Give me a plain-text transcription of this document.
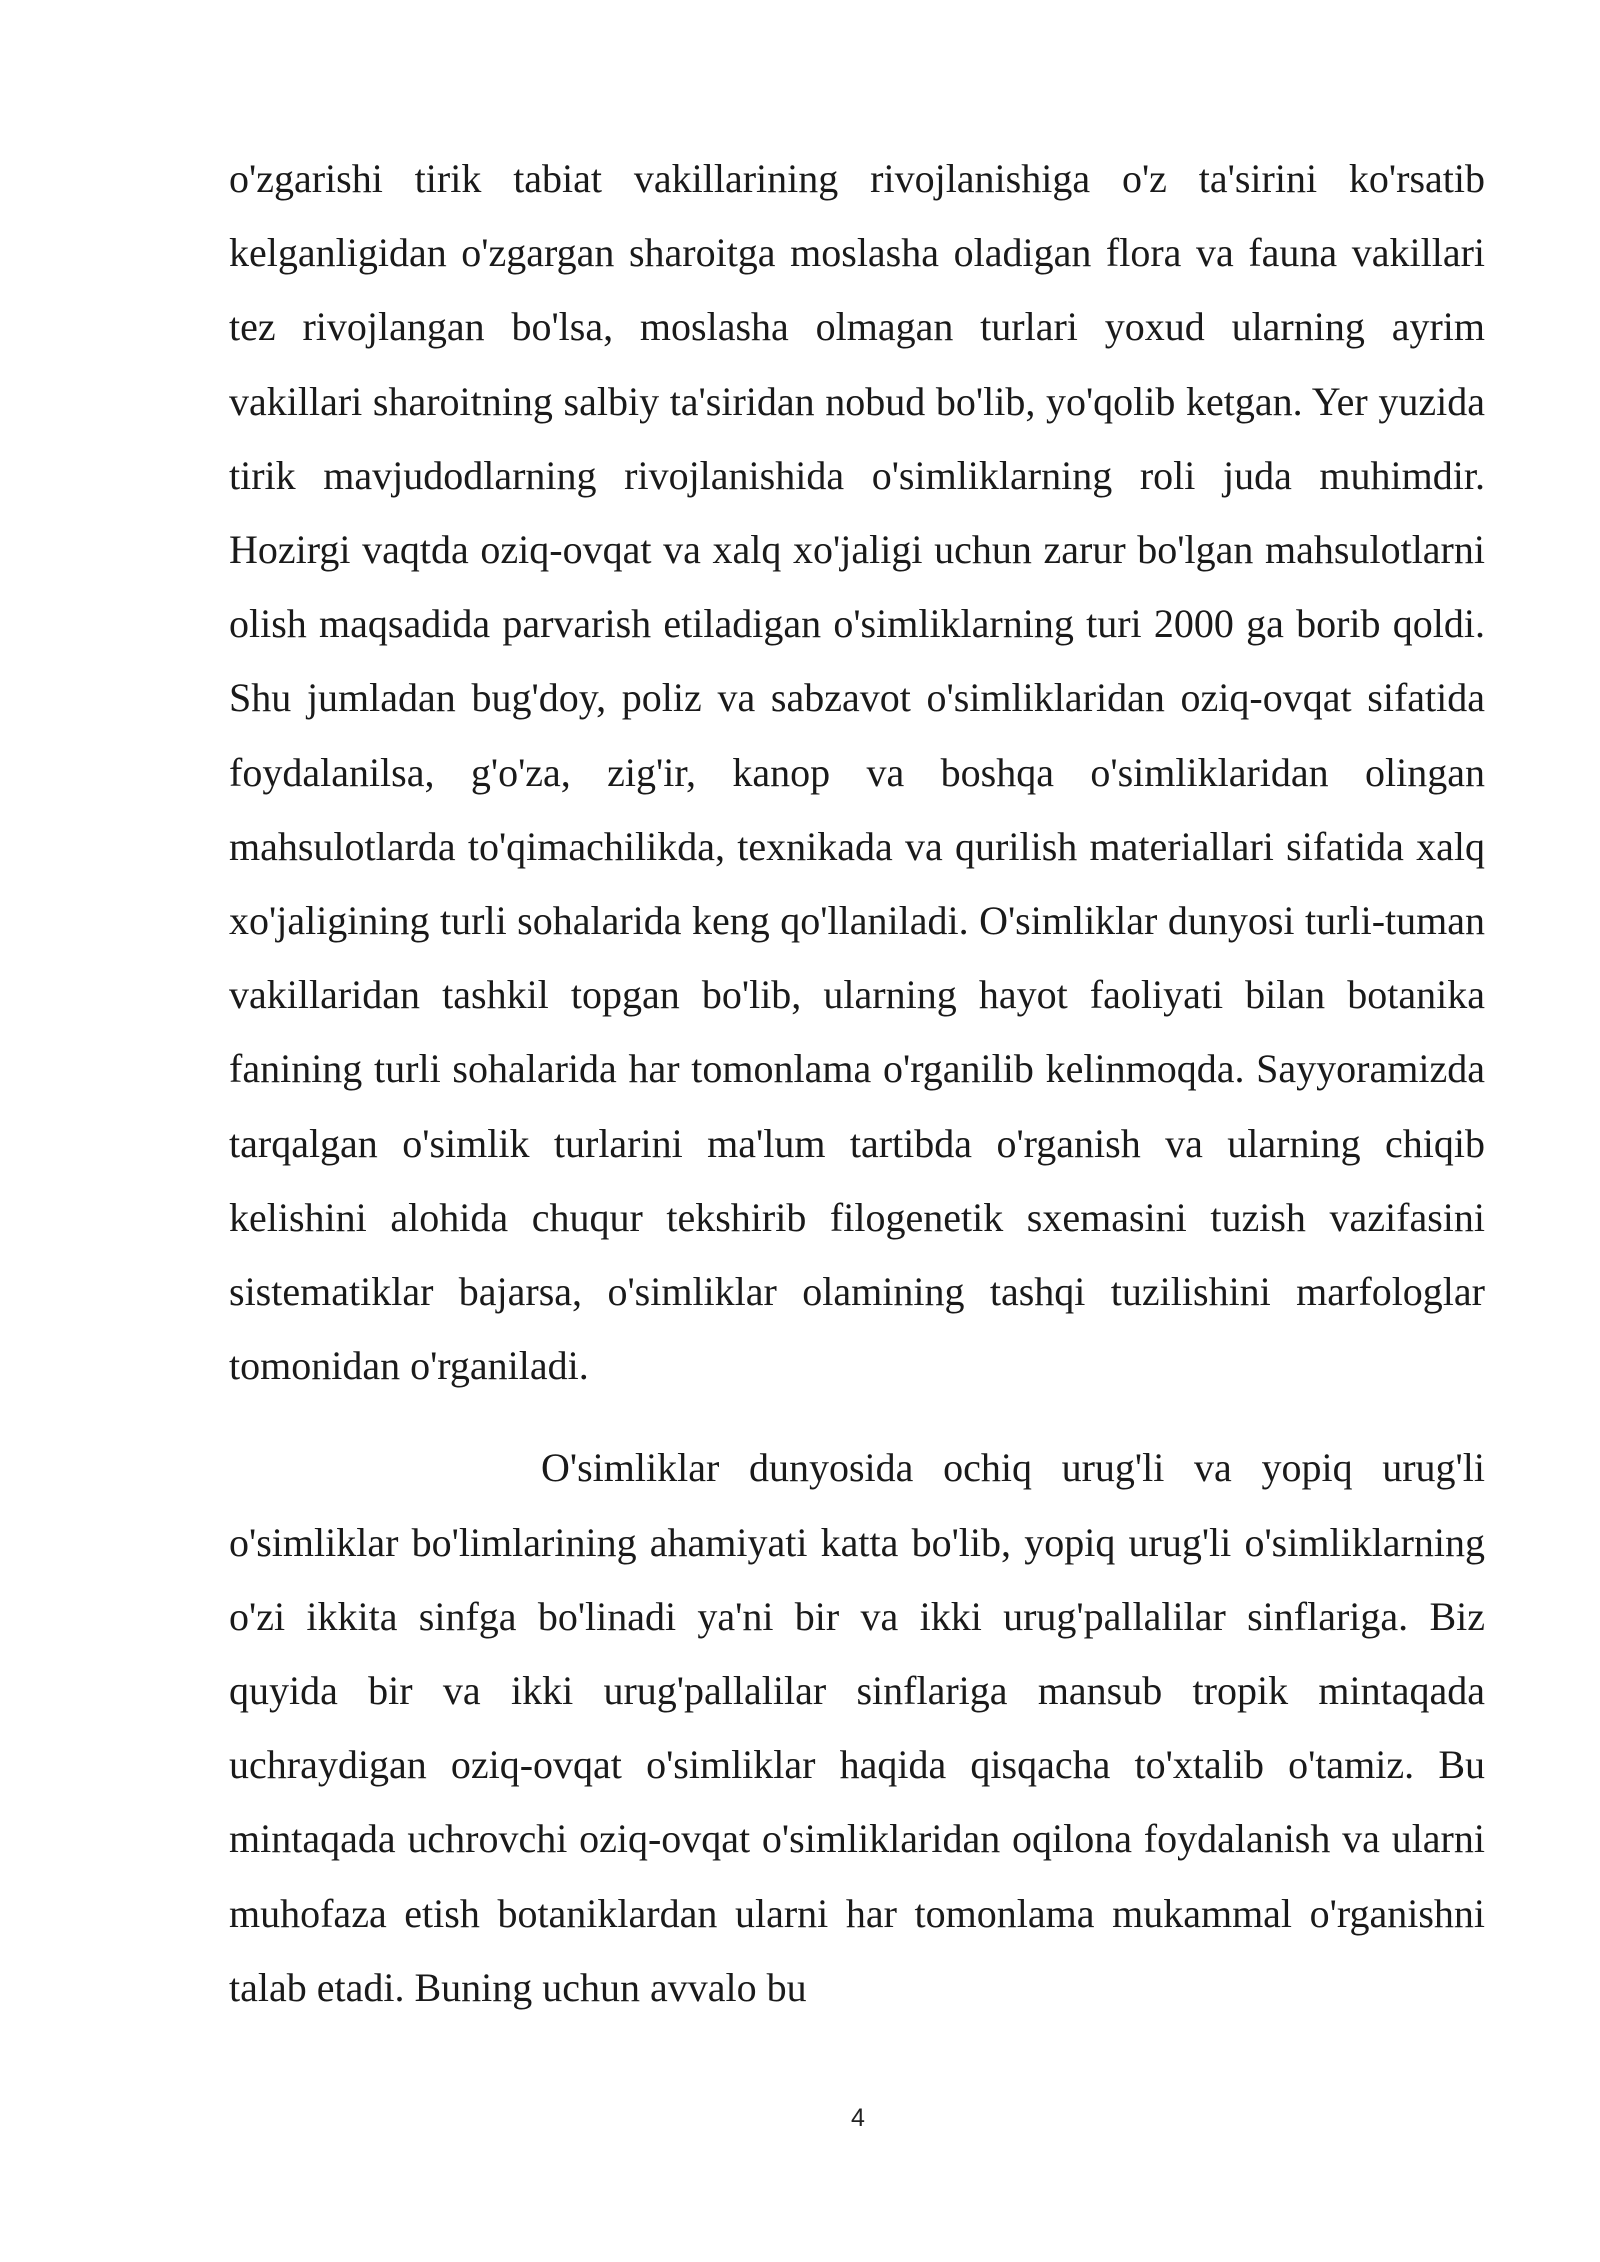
o'zgarishi tirik tabiat vakillarining rivojlanishiga o'z ta'sirini ko'rsatib kelganligidan o'zgargan sharoitga moslasha oladigan flora va fauna vakillari tez rivojlangan bo'lsa, moslasha olmagan turlari yoxud ularning ayrim vakillari sharoitning salbiy ta'siridan nobud bo'lib, yo'qolib ketgan. Yer yuzida tirik mavjudodlarning rivojlanishida o'simliklarning roli juda muhimdir. Hozirgi vaqtda oziq-ovqat va xalq xo'jaligi uchun zarur bo'lgan mahsulotlarni olish maqsadida parvarish etiladigan o'simliklarning turi 2000 ga borib qoldi. Shu jumladan bug'doy, poliz va sabzavot o'simliklaridan oziq-ovqat sifatida foydalanilsa, g'o'za, zig'ir, kanop va boshqa o'simliklaridan olingan mahsulotlarda to'qimachilikda, texnikada va qurilish materiallari sifatida xalq xo'jaligining turli sohalarida keng qo'llaniladi. O'simliklar dunyosi turli-tuman vakillaridan tashkil topgan bo'lib, ularning hayot faoliyati bilan botanika fanining turli sohalarida har tomonlama o'rganilib kelinmoqda. Sayyoramizda tarqalgan o'simlik turlarini ma'lum tartibda o'rganish va ularning chiqib kelishini alohida chuqur tekshirib filogenetik sxemasini tuzish vazifasini sistematiklar bajarsa, o'simliklar olamining tashqi tuzilishini marfologlar tomonidan o'rganiladi.

O'simliklar dunyosida ochiq urug'li va yopiq urug'li o'simliklar bo'limlarining ahamiyati katta bo'lib, yopiq urug'li o'simliklarning o'zi ikkita sinfga bo'linadi ya'ni bir va ikki urug'pallalilar sinflariga. Biz quyida bir va ikki urug'pallalilar sinflariga mansub tropik mintaqada uchraydigan oziq-ovqat o'simliklar haqida qisqacha to'xtalib o'tamiz. Bu mintaqada uchrovchi oziq-ovqat o'simliklaridan oqilona foydalanish va ularni muhofaza etish botaniklardan ularni har tomonlama mukammal o'rganishni talab etadi. Buning uchun avvalo bu

4
